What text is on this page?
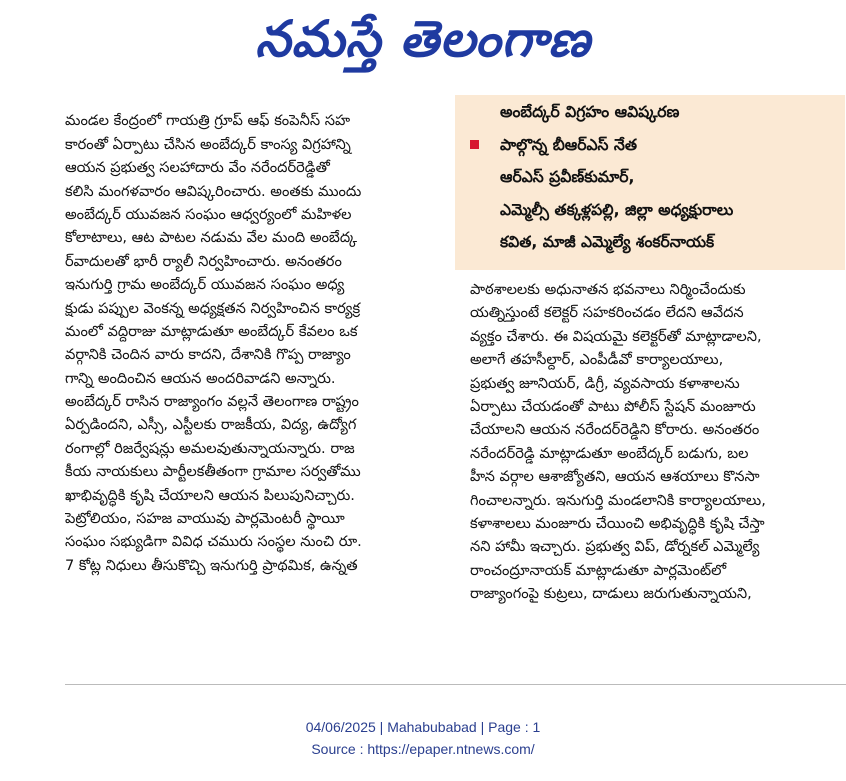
నమస్తే తెలంగాణ

మండల కేంద్రంలో గాయత్రి గ్రూప్ ఆఫ్ కంపెనీస్ సహ
కారంతో ఏర్పాటు చేసిన అంబేద్కర్ కాంస్య విగ్రహాన్ని
ఆయన ప్రభుత్వ సలహాదారు వేం నరేందర్‌రెడ్డితో
కలిసి మంగళవారం ఆవిష్కరించారు. అంతకు ముందు
అంబేద్కర్ యువజన సంఘం ఆధ్వర్యంలో మహిళల
కోలాటాలు, ఆట పాటల నడుమ వేల మంది అంబేద్క
ర్‌వాదులతో భారీ ర్యాలీ నిర్వహించారు. అనంతరం
ఇనుగుర్తి గ్రామ అంబేద్కర్ యువజన సంఘం అధ్య
క్షుడు పప్పుల వెంకన్న అధ్యక్షతన నిర్వహించిన కార్యక్ర
మంలో వద్దిరాజు మాట్లాడుతూ అంబేద్కర్ కేవలం ఒక
వర్గానికి చెందిన వారు కాదని, దేశానికి గొప్ప రాజ్యాం
గాన్ని అందించిన ఆయన అందరివాడని అన్నారు.
అంబేద్కర్ రాసిన రాజ్యాంగం వల్లనే తెలంగాణ రాష్ట్రం
ఏర్పడిందని, ఎస్సీ, ఎస్టీలకు రాజకీయ, విద్య, ఉద్యోగ
రంగాల్లో రిజర్వేషన్లు అమలవుతున్నాయన్నారు. రాజ
కీయ నాయకులు పార్టీలకతీతంగా గ్రామాల సర్వతోము
ఖాభివృద్ధికి కృషి చేయాలని ఆయన పిలుపునిచ్చారు.
పెట్రోలియం, సహజ వాయువు పార్లమెంటరీ స్థాయీ
సంఘం సభ్యుడిగా వివిధ చమురు సంస్థల నుంచి రూ.
7 కోట్ల నిధులు తీసుకొచ్చి ఇనుగుర్తి ప్రాథమిక, ఉన్నత
అంబేద్కర్ విగ్రహం ఆవిష్కరణ
పాల్గొన్న బీఆర్ఎస్ నేత
ఆర్ఎస్ ప్రవీణ్‌కుమార్,
ఎమ్మెల్సీ తక్కళ్లపల్లి, జిల్లా అధ్యక్షురాలు
కవిత, మాజీ ఎమ్మెల్యే శంకర్‌నాయక్
పాఠశాలలకు అధునాతన భవనాలు నిర్మించేందుకు
యత్నిస్తుంటే కలెక్టర్ సహకరించడం లేదని ఆవేదన
వ్యక్తం చేశారు. ఈ విషయమై కలెక్టర్‌తో మాట్లాడాలని,
అలాగే తహసీల్దార్, ఎంపీడీవో కార్యాలయాలు,
ప్రభుత్వ జూనియర్, డిగ్రీ, వ్యవసాయ కళాశాలను
ఏర్పాటు చేయడంతో పాటు పోలీస్ స్టేషన్ మంజూరు
చేయాలని ఆయన నరేందర్‌రెడ్డిని కోరారు. అనంతరం
నరేందర్‌రెడ్డి మాట్లాడుతూ అంబేద్కర్ బడుగు, బల
హీన వర్గాల ఆశాజ్యోతని, ఆయన ఆశయాలు కొనసా
గించాలన్నారు. ఇనుగుర్తి మండలానికి కార్యాలయాలు,
కళాశాలలు మంజూరు చేయించి అభివృద్ధికి కృషి చేస్తా
నని హామీ ఇచ్చారు. ప్రభుత్వ విప్, డోర్నకల్ ఎమ్మెల్యే
రాంచంద్రూనాయక్ మాట్లాడుతూ పార్లమెంట్‌లో
రాజ్యాంగంపై కుట్రలు, దాడులు జరుగుతున్నాయని,
04/06/2025 | Mahabubabad | Page : 1
Source : https://epaper.ntnews.com/
